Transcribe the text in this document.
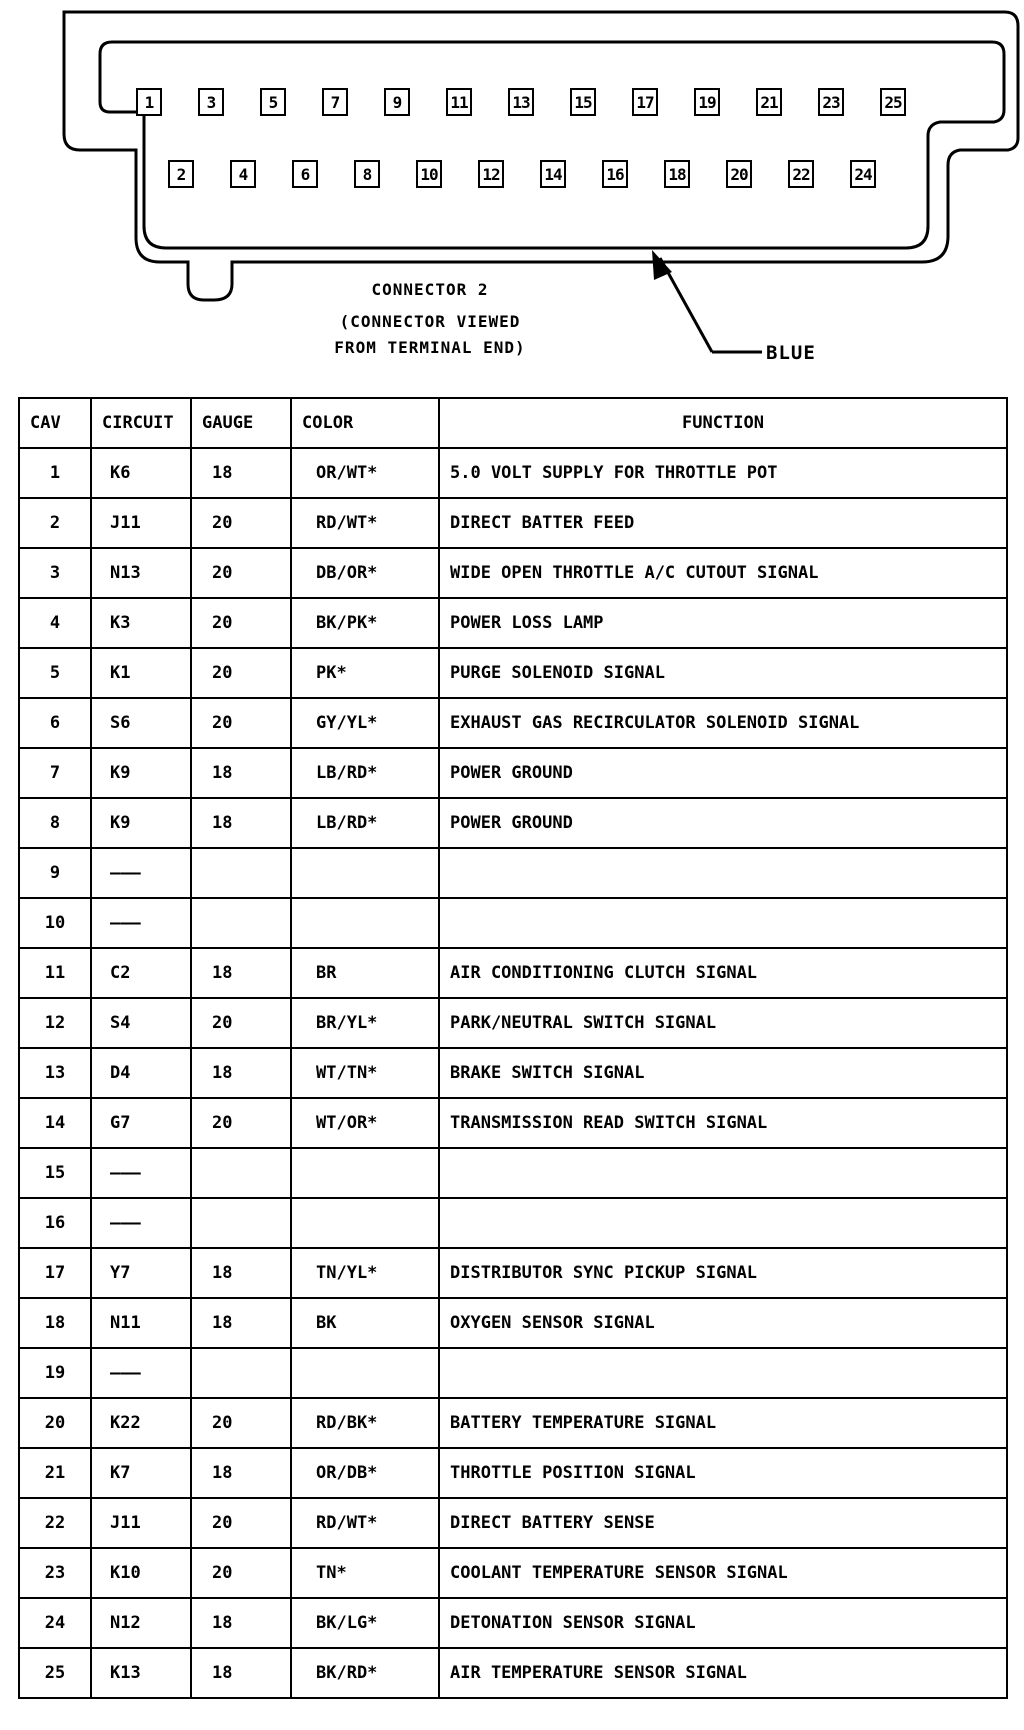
CONNECTOR 2
(CONNECTOR VIEWED
FROM TERMINAL END)	BLUE
1	3	5	7	9	11	13	15	17	19	21	23	25
2	4	6	8	10	12	14	16	18	20	22	24
CAV	CIRCUIT	GAUGE	COLOR	FUNCTION
1	K6	18	OR/WT*	5.0 VOLT SUPPLY FOR THROTTLE POT
2	J11	20	RD/WT*	DIRECT BATTER FEED
3	N13	20	DB/OR*	WIDE OPEN THROTTLE A/C CUTOUT SIGNAL
4	K3	20	BK/PK*	POWER LOSS LAMP
5	K1	20	PK*	PURGE SOLENOID SIGNAL
6	S6	20	GY/YL*	EXHAUST GAS RECIRCULATOR SOLENOID SIGNAL
7	K9	18	LB/RD*	POWER GROUND
8	K9	18	LB/RD*	POWER GROUND
9	———			
10	———			
11	C2	18	BR	AIR CONDITIONING CLUTCH SIGNAL
12	S4	20	BR/YL*	PARK/NEUTRAL SWITCH SIGNAL
13	D4	18	WT/TN*	BRAKE SWITCH SIGNAL
14	G7	20	WT/OR*	TRANSMISSION READ SWITCH SIGNAL
15	———			
16	———			
17	Y7	18	TN/YL*	DISTRIBUTOR SYNC PICKUP SIGNAL
18	N11	18	BK	OXYGEN SENSOR SIGNAL
19	———			
20	K22	20	RD/BK*	BATTERY TEMPERATURE SIGNAL
21	K7	18	OR/DB*	THROTTLE POSITION SIGNAL
22	J11	20	RD/WT*	DIRECT BATTERY SENSE
23	K10	20	TN*	COOLANT TEMPERATURE SENSOR SIGNAL
24	N12	18	BK/LG*	DETONATION SENSOR SIGNAL
25	K13	18	BK/RD*	AIR TEMPERATURE SENSOR SIGNAL
